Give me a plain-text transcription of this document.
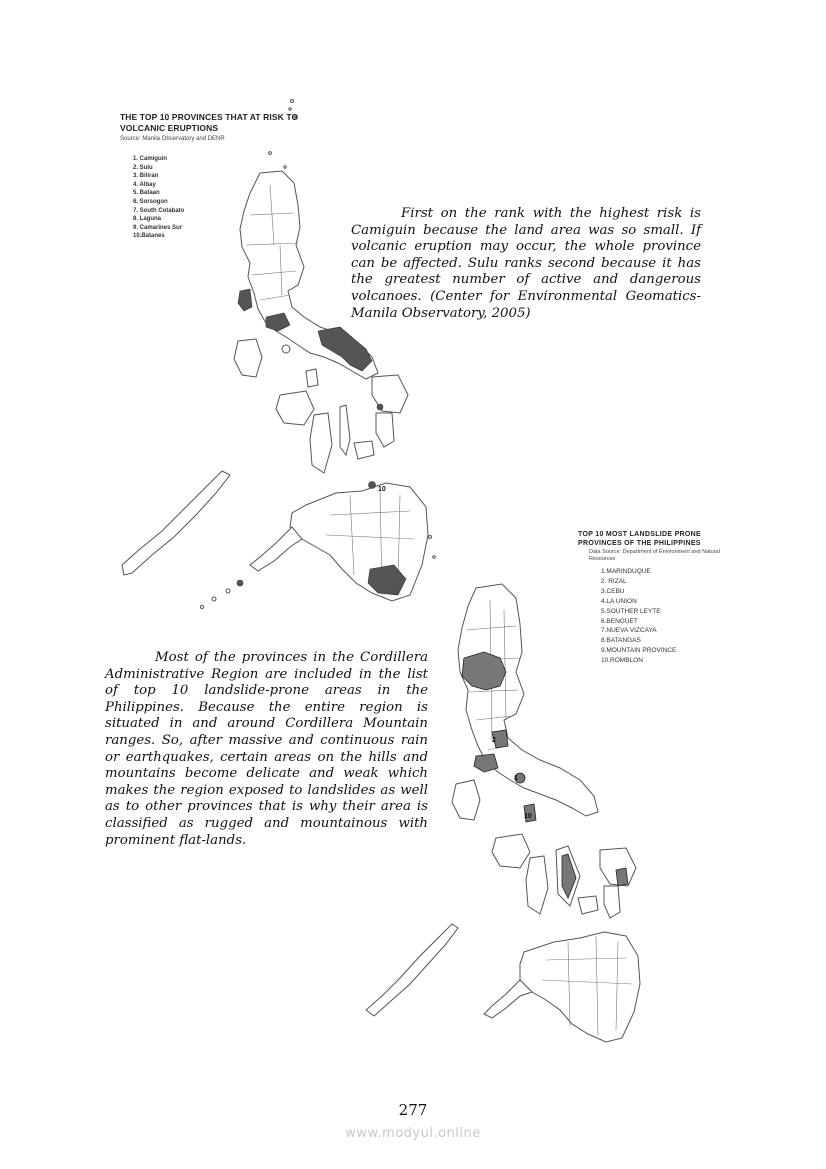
10
THE TOP 10 PROVINCES THAT AT RISK TO VOLCANIC ERUPTIONS
Source: Manila Observatory and DENR
1. Camiguin
2. Sulu
3. Biliran
4. Albay
5. Bataan
6. Sorsogon
7. South Cotabato
8. Laguna
9. Camarines Sur
10.Batanes

First on the rank with the highest risk is Camiguin because the land area was so small. If volcanic eruption may occur, the whole province can be affected. Sulu ranks second because it has the greatest number of active and dangerous volcanoes. (Center for Environmental Geomatics- Manila Observatory, 2005)

1
2
10
TOP 10 MOST LANDSLIDE PRONE PROVINCES OF THE PHILIPPINES
Data Source: Department of Environment and Natural Resources
1.MARINDUQUE
2. RIZAL
3.CEBU
4.LA UNION
5.SOUTHER LEYTE
6.BENGUET
7.NUEVA VIZCAYA
8.BATANGAS
9.MOUNTAIN PROVINCE
10.ROMBLON

Most of the provinces in the Cordillera Administrative Region are included in the list of top 10 landslide-prone areas in the Philippines. Because the entire region is situated in and around Cordillera Mountain ranges. So, after massive and continuous rain or earthquakes, certain areas on the hills and mountains become delicate and weak which makes the region exposed to landslides as well as to other provinces that is why their area is classified as rugged and mountainous with prominent flat-lands.

277
www.modyul.online
